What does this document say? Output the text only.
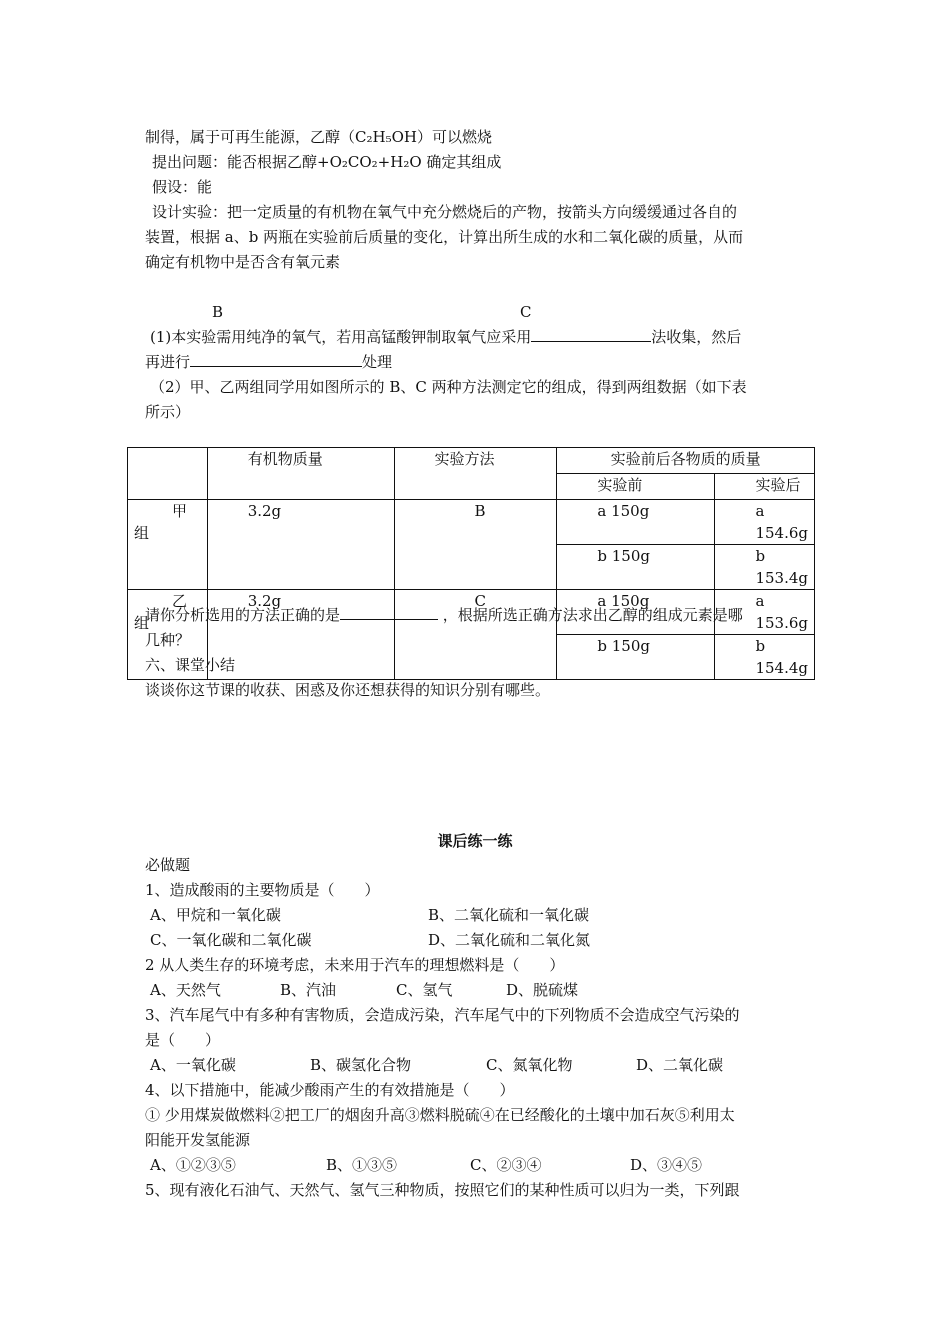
制得，属于可再生能源，乙醇（C₂H₅OH）可以燃烧
提出问题：能否根据乙醇+O₂CO₂+H₂O 确定其组成
假设：能
设计实验：把一定质量的有机物在氧气中充分燃烧后的产物，按箭头方向缓缓通过各自的
装置，根据 a、b 两瓶在实验前后质量的变化，计算出所生成的水和二氧化碳的质量，从而
确定有机物中是否含有氧元素
B	C
(1)本实验需用纯净的氧气，若用高锰酸钾制取氧气应采用	法收集，然后
再进行	处理
（2）甲、乙两组同学用如图所示的 B、C 两种方法测定它的组成，得到两组数据（如下表
所示）
	有机物质量	实验方法	实验前后各物质的质量	
			实验前	实验后

甲
组	3.2g	B	a 150g	a 154.6g
			b 150g	b 153.4g

乙
组	3.2g	C	a 150g	a 153.6g
			b 150g	b 154.4g
请你分析选用的方法正确的是	，根据所选正确方法求出乙醇的组成元素是哪
几种？
六、课堂小结
谈谈你这节课的收获、困惑及你还想获得的知识分别有哪些。
课后练一练
必做题
1、造成酸雨的主要物质是（　　）
A、甲烷和一氧化碳	B、二氧化硫和一氧化碳
C、一氧化碳和二氧化碳	D、二氧化硫和二氧化氮
2 从人类生存的环境考虑，未来用于汽车的理想燃料是（　　）
A、天然气	B、汽油	C、氢气	D、脱硫煤
3、汽车尾气中有多种有害物质，会造成污染，汽车尾气中的下列物质不会造成空气污染的
是（　　）
A、一氧化碳	B、碳氢化合物	C、氮氧化物	D、二氧化碳
4、以下措施中，能减少酸雨产生的有效措施是（　　）
① 少用煤炭做燃料②把工厂的烟囱升高③燃料脱硫④在已经酸化的土壤中加石灰⑤利用太
阳能开发氢能源
A、①②③⑤	B、①③⑤	C、②③④	D、③④⑤
5、现有液化石油气、天然气、氢气三种物质，按照它们的某种性质可以归为一类，下列跟
